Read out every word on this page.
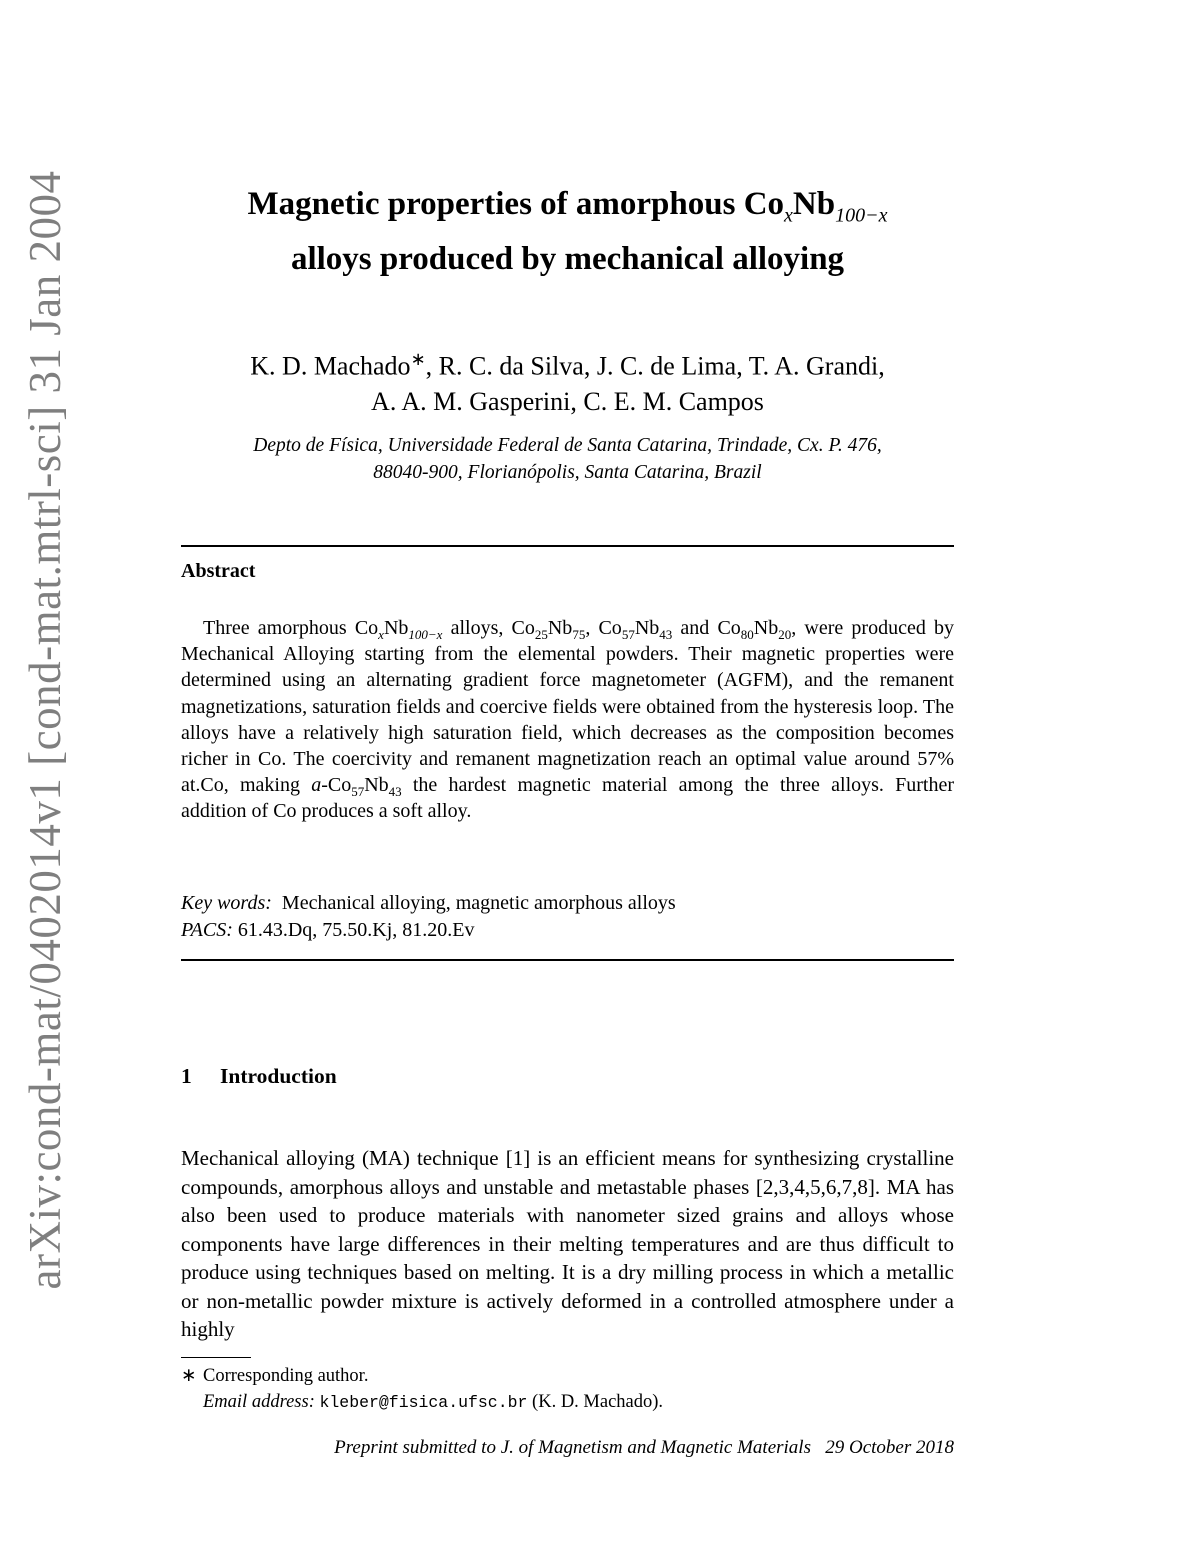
arXiv:cond-mat/0402014v1 [cond-mat.mtrl-sci] 31 Jan 2004	Magnetic properties of amorphous $Co_xNb_{100-x}$
alloys produced by mechanical alloying
K. D. Machado∗, R. C. da Silva, J. C. de Lima, T. A. Grandi,
A. A. M. Gasperini, C. E. M. Campos
Depto de Física, Universidade Federal de Santa Catarina, Trindade, Cx. P. 476,
88040-900, Florianópolis, Santa Catarina, Brazil
Abstract
Three amorphous $Co_xNb_{100-x}$ alloys, $Co_{25}Nb_{75}$, $Co_{57}Nb_{43}$ and $Co_{80}Nb_{20}$, were produced by Mechanical Alloying starting from the elemental powders. Their magnetic properties were determined using an alternating gradient force magnetometer (AGFM), and the remanent magnetizations, saturation fields and coercive fields were obtained from the hysteresis loop. The alloys have a relatively high saturation field, which decreases as the composition becomes richer in Co. The coercivity and remanent magnetization reach an optimal value around 57% at.Co, making $a-Co_{57}Nb_{43}$ the hardest magnetic material among the three alloys. Further addition of Co produces a soft alloy.
Key words: Mechanical alloying, magnetic amorphous alloys
PACS: 61.43.Dq, 75.50.Kj, 81.20.Ev
1 Introduction
Mechanical alloying (MA) technique [1] is an efficient means for synthesizing crystalline compounds, amorphous alloys and unstable and metastable phases [2,3,4,5,6,7,8]. MA has also been used to produce materials with nanometer sized grains and alloys whose components have large differences in their melting temperatures and are thus difficult to produce using techniques based on melting. It is a dry milling process in which a metallic or non-metallic powder mixture is actively deformed in a controlled atmosphere under a highly
∗ Corresponding author.
Email address: kleber@fisica.ufsc.br (K. D. Machado).
Preprint submitted to J. of Magnetism and Magnetic Materials   29 October 2018
